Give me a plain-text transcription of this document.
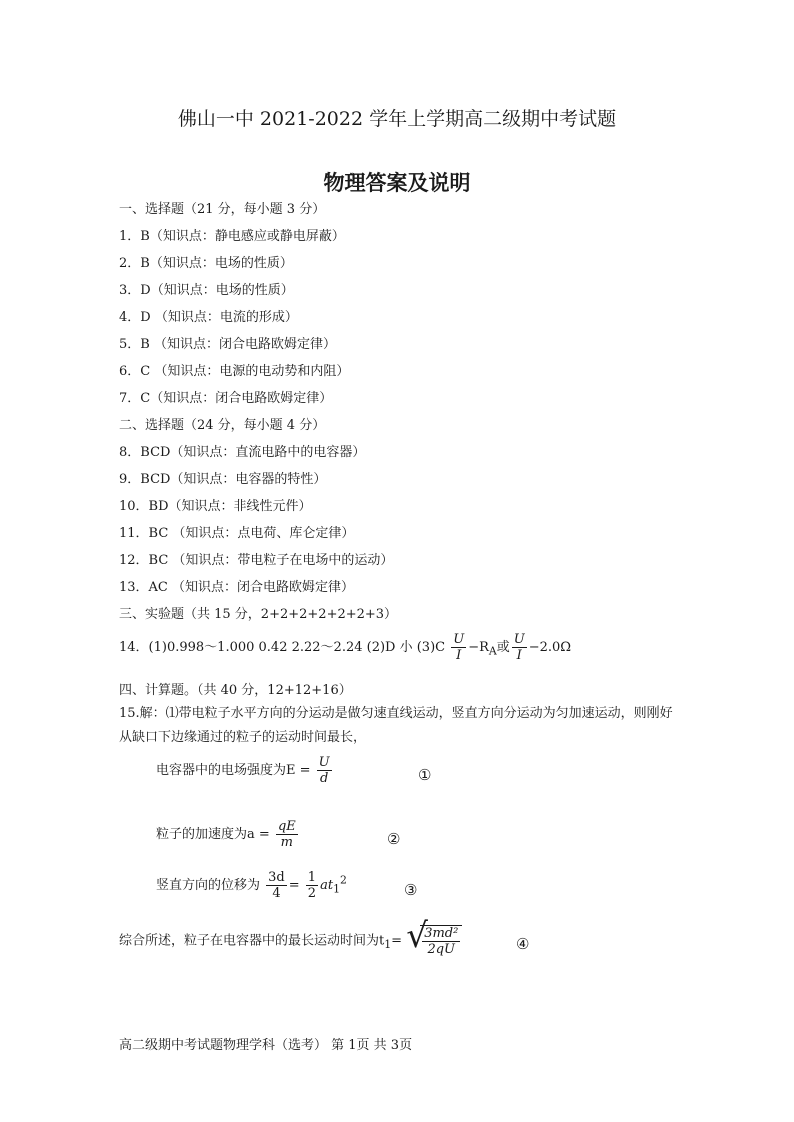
佛山一中 2021-2022 学年上学期高二级期中考试题
物理答案及说明
一、选择题（21 分，每小题 3 分）
1．B（知识点：静电感应或静电屏蔽）
2．B（知识点：电场的性质）
3．D（知识点：电场的性质）
4．D （知识点：电流的形成）
5．B （知识点：闭合电路欧姆定律）
6．C （知识点：电源的电动势和内阻）
7．C（知识点：闭合电路欧姆定律）
二、选择题（24 分，每小题 4 分）
8．BCD（知识点：直流电路中的电容器）
9．BCD（知识点：电容器的特性）
10．BD（知识点：非线性元件）
11．BC （知识点：点电荷、库仑定律）
12．BC （知识点：带电粒子在电场中的运动）
13．AC （知识点：闭合电路欧姆定律）
三、实验题（共 15 分，2+2+2+2+2+2+3）
14．(1)0.998～1.000 0.42 2.22～2.24 (2)D 小 $(3)C \frac{U}{I} -R_A$或 $\frac{U}{I} -2.0\Omega$
四、计算题。（共 40 分，12+12+16）
15.解：⑴带电粒子水平方向的分运动是做匀速直线运动，竖直方向分运动为匀加速运动，则刚好从缺口下边缘通过的粒子的运动时间最长，
电容器中的电场强度为$E = \frac{U}{d}$	①
粒子的加速度为$a = \frac{qE}{m}$	②
竖直方向的位移为 $\frac{3d}{4} = \frac{1}{2} at_1^2$
③
综合所述，粒子在电容器中的最长运动时间为$t_1=$ √
$\frac{\text{3md²}}{2qU}$	④
高二级期中考试题物理学科（选考） 第 1页 共 3页
